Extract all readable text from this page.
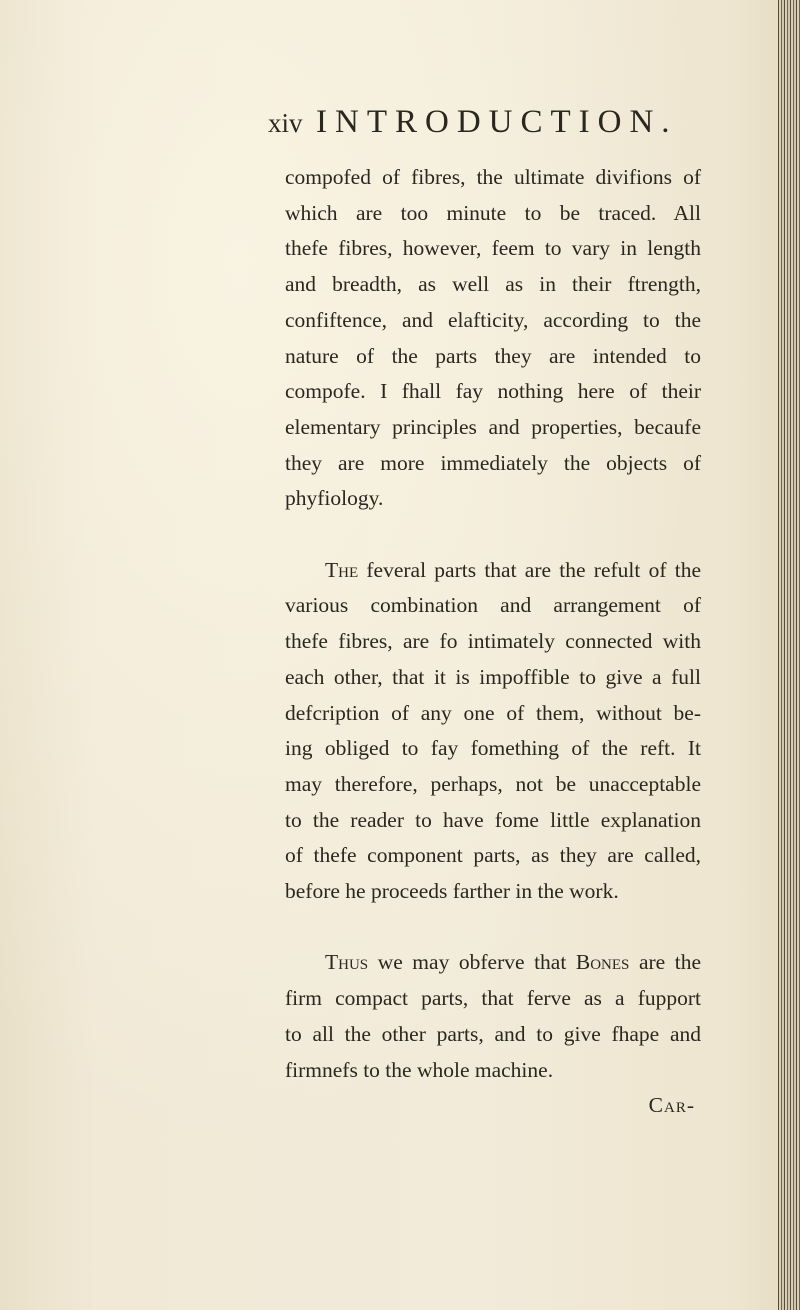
xiv INTRODUCTION.
compofed of fibres, the ultimate divifions of
which are too minute to be traced. All
thefe fibres, however, feem to vary in length
and breadth, as well as in their ftrength,
confiftence, and elafticity, according to the
nature of the parts they are intended to
compofe. I fhall fay nothing here of their
elementary principles and properties, becaufe
they are more immediately the objects of
phyfiology.
The feveral parts that are the refult of the
various combination and arrangement of
thefe fibres, are fo intimately connected with
each other, that it is impoffible to give a full
defcription of any one of them, without be-
ing obliged to fay fomething of the reft. It
may therefore, perhaps, not be unacceptable
to the reader to have fome little explanation
of thefe component parts, as they are called,
before he proceeds farther in the work.
Thus we may obferve that Bones are the
firm compact parts, that ferve as a fupport
to all the other parts, and to give fhape and
firmnefs to the whole machine.
Car-
